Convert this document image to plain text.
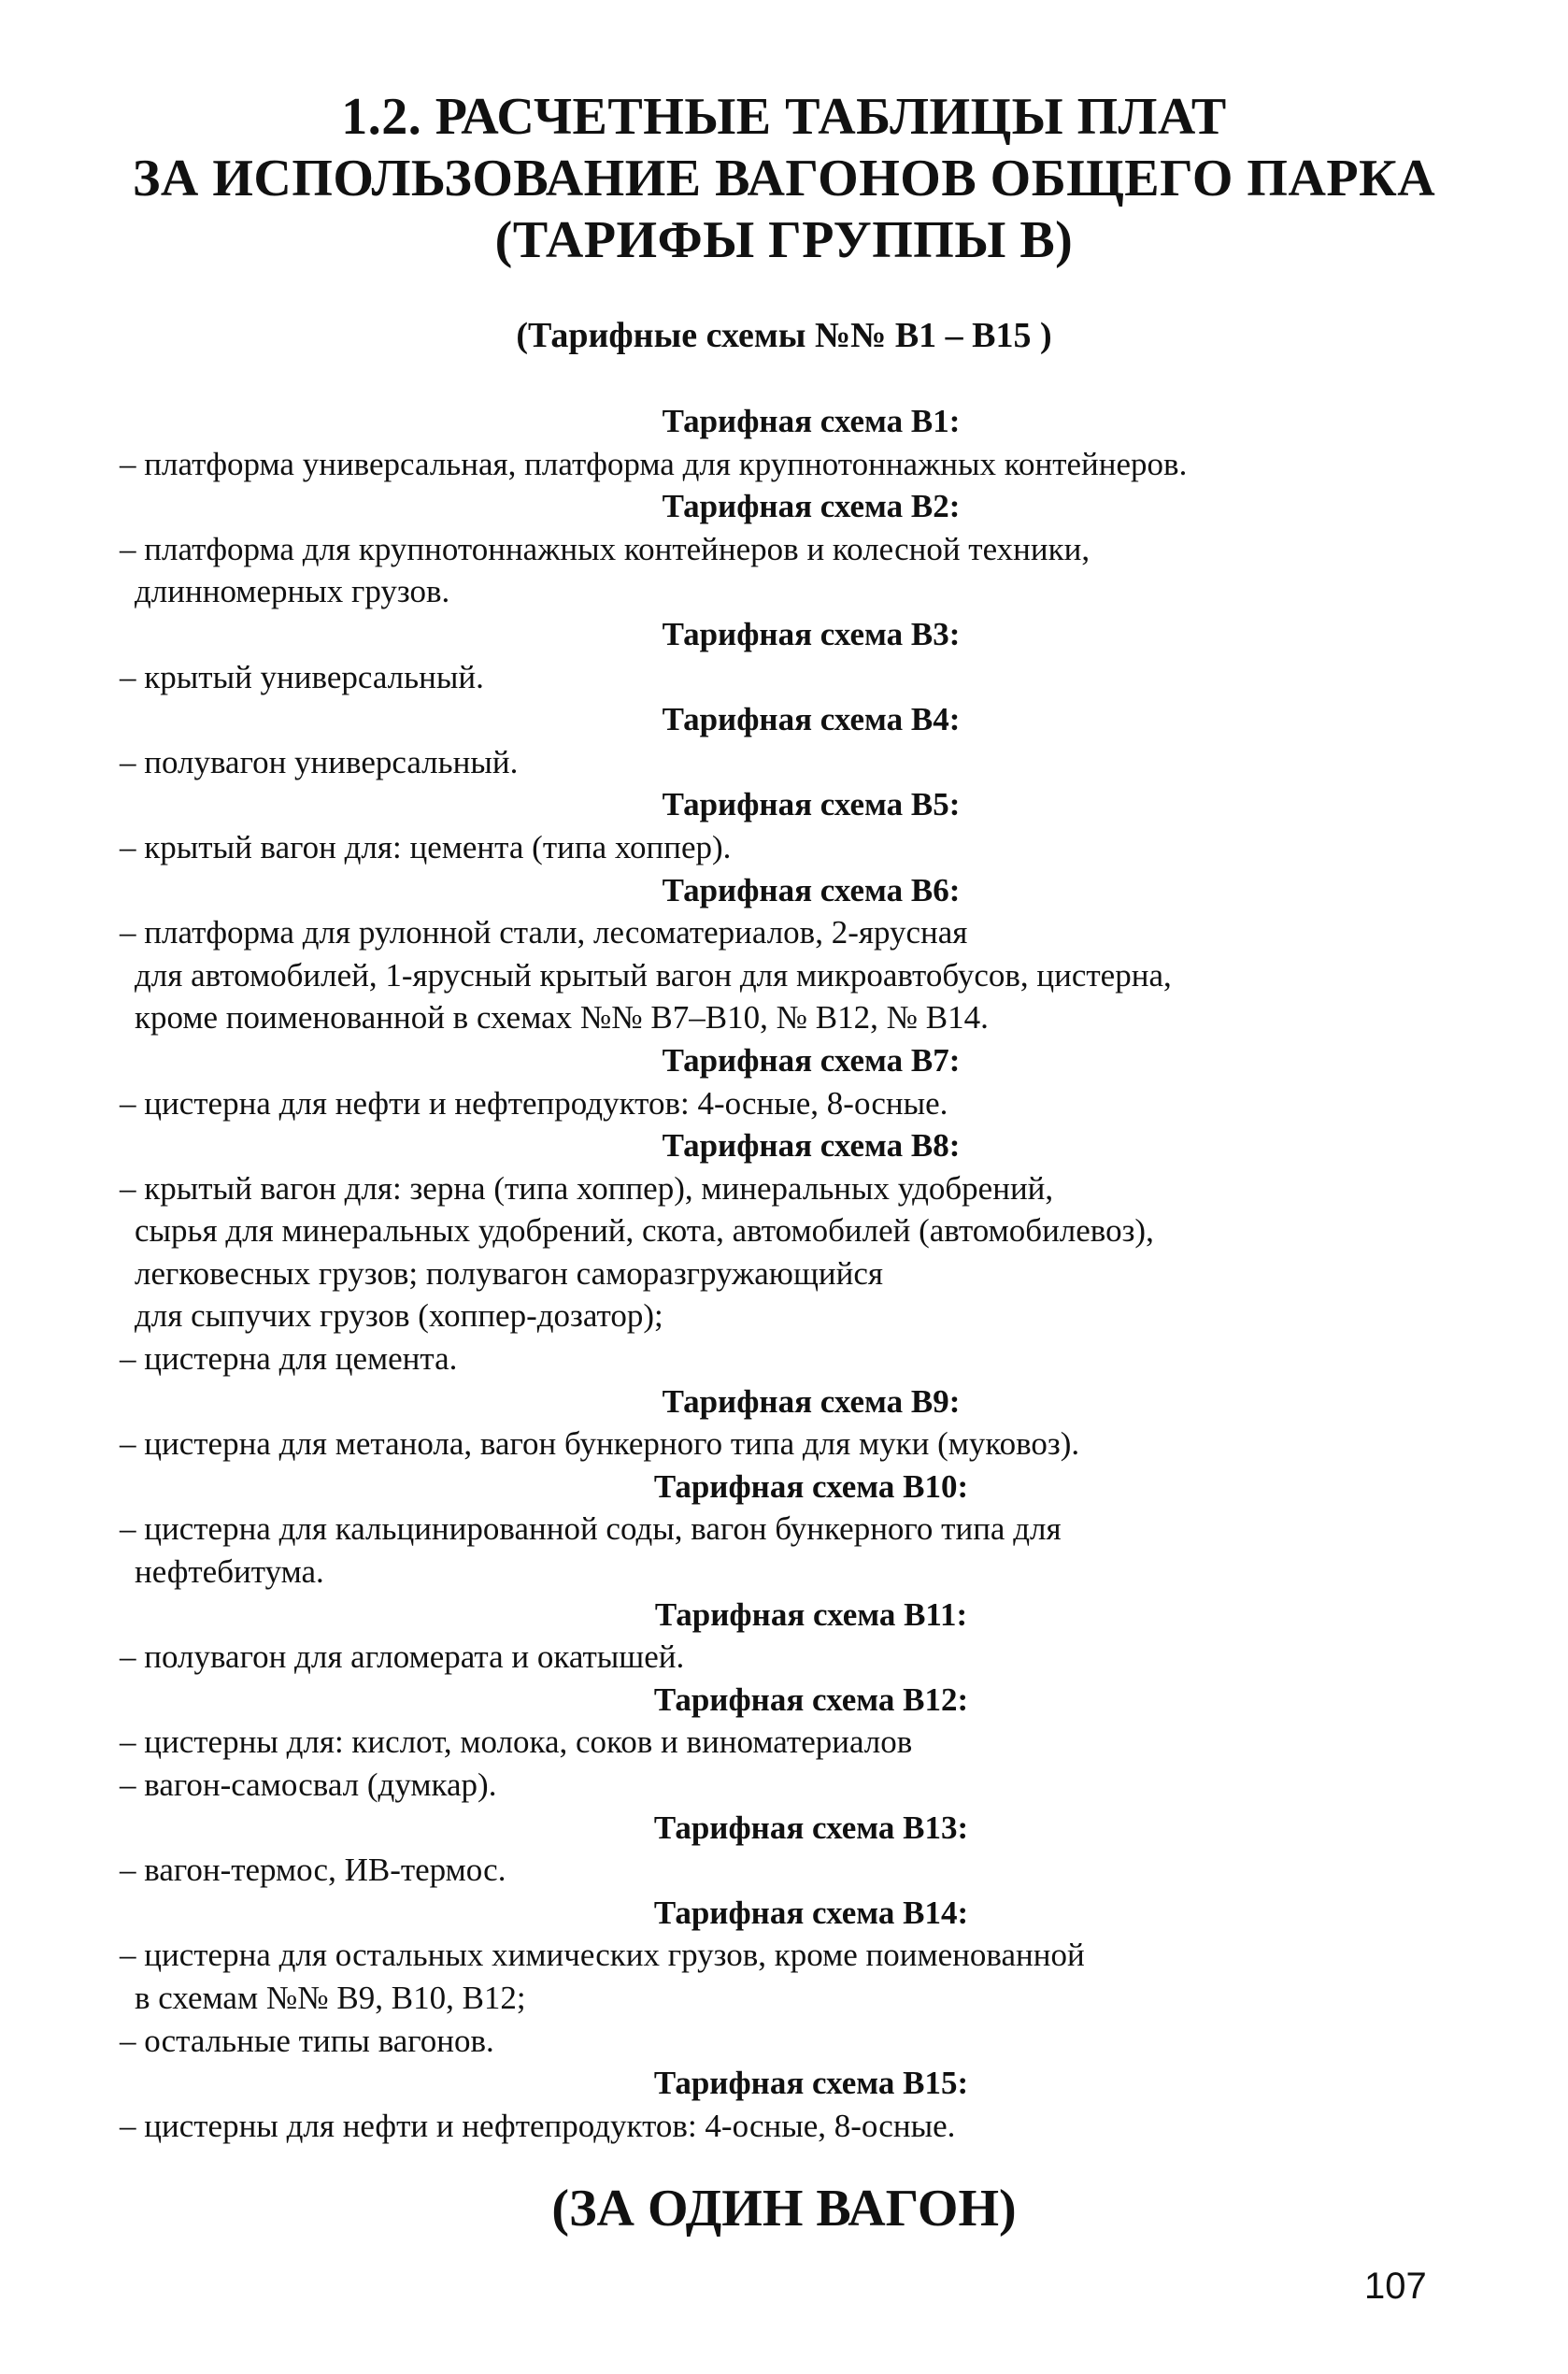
1.2. РАСЧЕТНЫЕ ТАБЛИЦЫ ПЛАТ
ЗА ИСПОЛЬЗОВАНИЕ ВАГОНОВ ОБЩЕГО ПАРКА
(ТАРИФЫ ГРУППЫ В)
(Тарифные схемы №№ В1 – В15 )
Тарифная схема В1:
– платформа универсальная, платформа для крупнотоннажных контейнеров.
Тарифная схема В2:
– платформа для крупнотоннажных контейнеров и колесной техники,
длинномерных грузов.
Тарифная схема В3:
– крытый универсальный.
Тарифная схема В4:
– полувагон универсальный.
Тарифная схема В5:
– крытый вагон для: цемента (типа хоппер).
Тарифная схема В6:
– платформа для рулонной стали, лесоматериалов, 2-ярусная
для автомобилей, 1-ярусный крытый вагон для микроавтобусов, цистерна,
кроме поименованной в схемах №№ В7–В10, № В12, № В14.
Тарифная схема В7:
– цистерна для нефти и нефтепродуктов: 4-осные, 8-осные.
Тарифная схема В8:
– крытый вагон для: зерна (типа хоппер), минеральных удобрений,
сырья для минеральных удобрений, скота, автомобилей (автомобилевоз),
легковесных грузов; полувагон саморазгружающийся
для сыпучих грузов (хоппер-дозатор);
– цистерна для цемента.
Тарифная схема В9:
– цистерна для метанола, вагон бункерного типа для муки (муковоз).
Тарифная схема В10:
– цистерна для кальцинированной соды, вагон бункерного типа для
нефтебитума.
Тарифная схема В11:
– полувагон для агломерата и окатышей.
Тарифная схема В12:
– цистерны для: кислот, молока, соков и виноматериалов
– вагон-самосвал (думкар).
Тарифная схема В13:
– вагон-термос, ИВ-термос.
Тарифная схема В14:
– цистерна для остальных химических грузов, кроме поименованной
в схемам №№ В9, В10, В12;
– остальные типы вагонов.
Тарифная схема В15:
– цистерны для нефти и нефтепродуктов: 4-осные, 8-осные.
(ЗА ОДИН ВАГОН)
107
